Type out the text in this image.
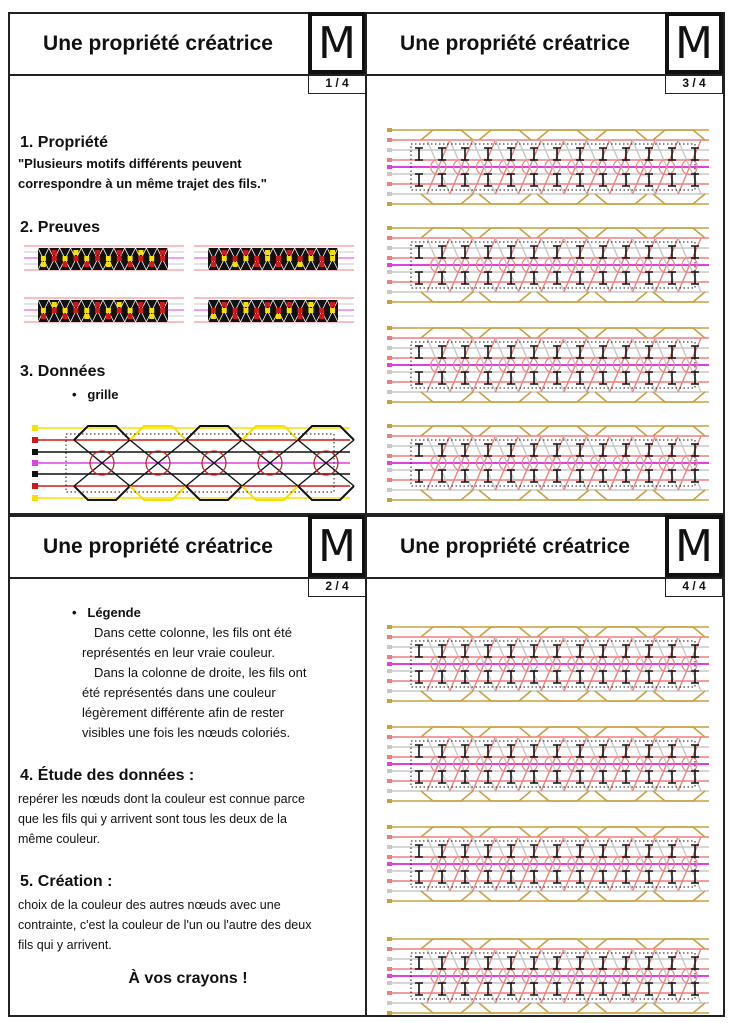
Une propriété créatrice	M
1 / 4
1. Propriété
"Plusieurs motifs différents peuvent
correspondre à un même trajet des fils."
2. Preuves
3. Données
•   grille
Une propriété créatrice	M
3 / 4
Une propriété créatrice	M
2 / 4
•   Légende
Dans cette colonne, les fils ont été
représentés en leur vraie couleur.
Dans la colonne de droite, les fils ont
été représentés dans une couleur
légèrement différente afin de rester
visibles une fois les nœuds coloriés.
4. Étude des données :
repérer les nœuds dont la couleur est connue parce
que les fils qui y arrivent sont tous les deux de la
même couleur.
5. Création :
choix de la couleur des autres nœuds avec une
contrainte, c'est la couleur de l'un ou l'autre des deux
fils qui y arrivent.
À vos crayons !
Une propriété créatrice	M
4 / 4
